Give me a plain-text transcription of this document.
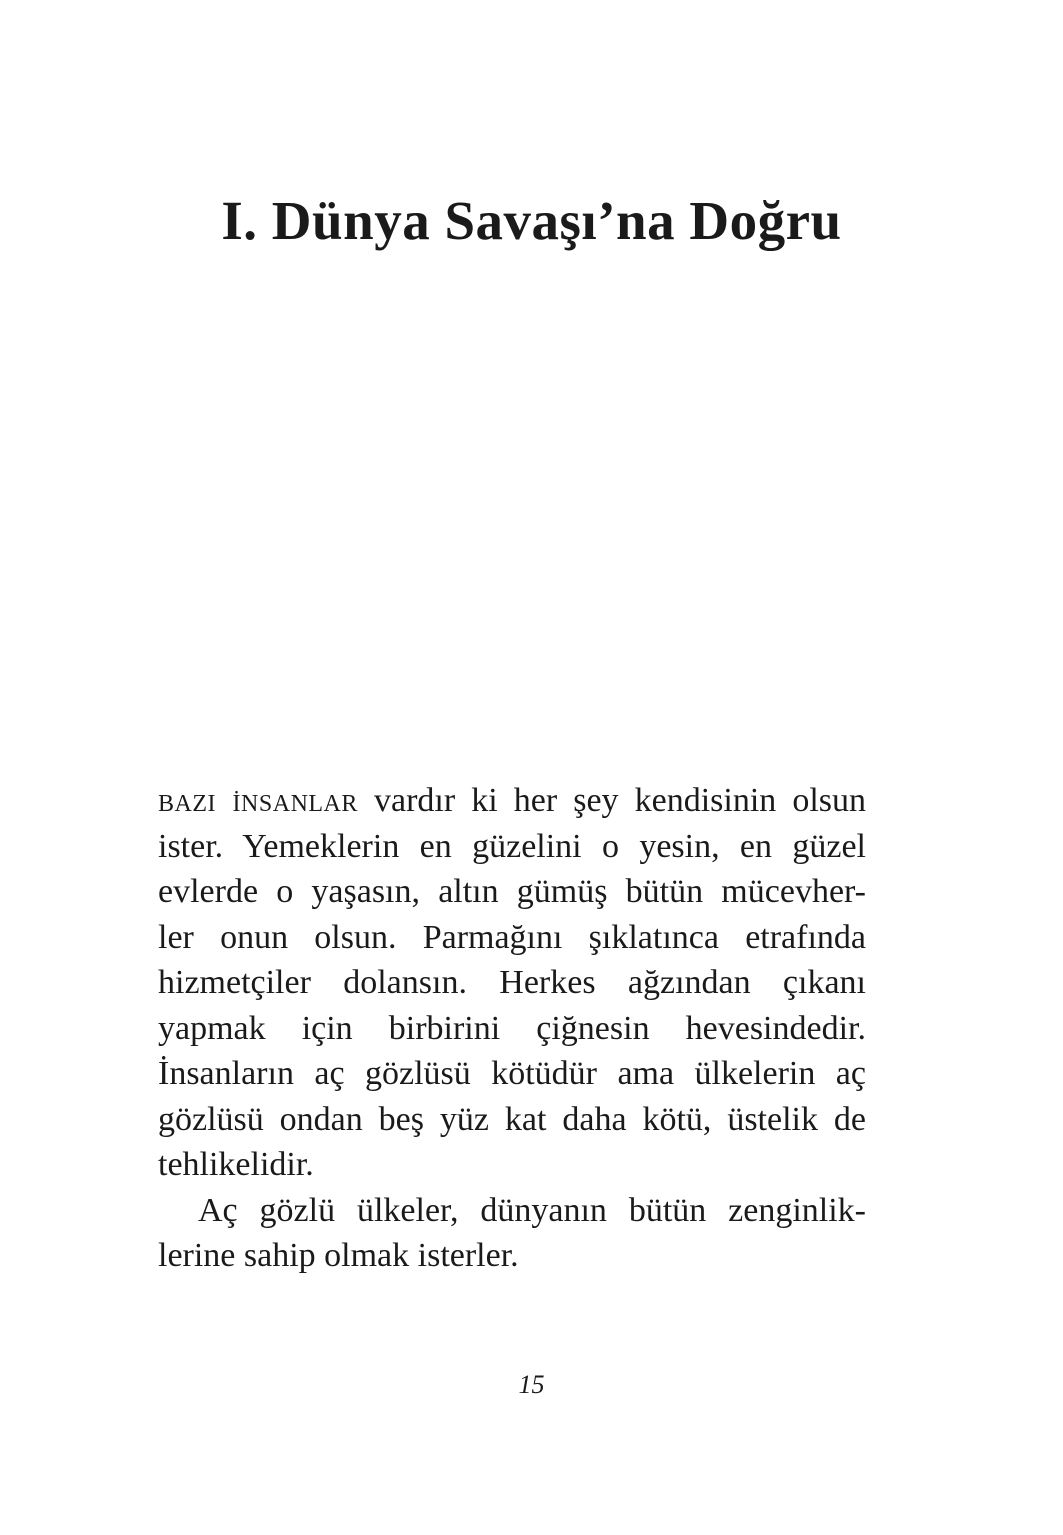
I. Dünya Savaşı’na Doğru
bazi i̇nsanlar vardır ki her şey kendisinin olsun
ister. Yemeklerin en güzelini o yesin, en güzel
evlerde o yaşasın, altın gümüş bütün mücevher-
ler onun olsun. Parmağını şıklatınca etrafında
hizmetçiler dolansın. Herkes ağzından çıkanı
yapmak için birbirini çiğnesin hevesindedir.
İnsanların aç gözlüsü kötüdür ama ülkelerin aç
gözlüsü ondan beş yüz kat daha kötü, üstelik de
tehlikelidir.
Aç gözlü ülkeler, dünyanın bütün zenginlik-
lerine sahip olmak isterler.
15
